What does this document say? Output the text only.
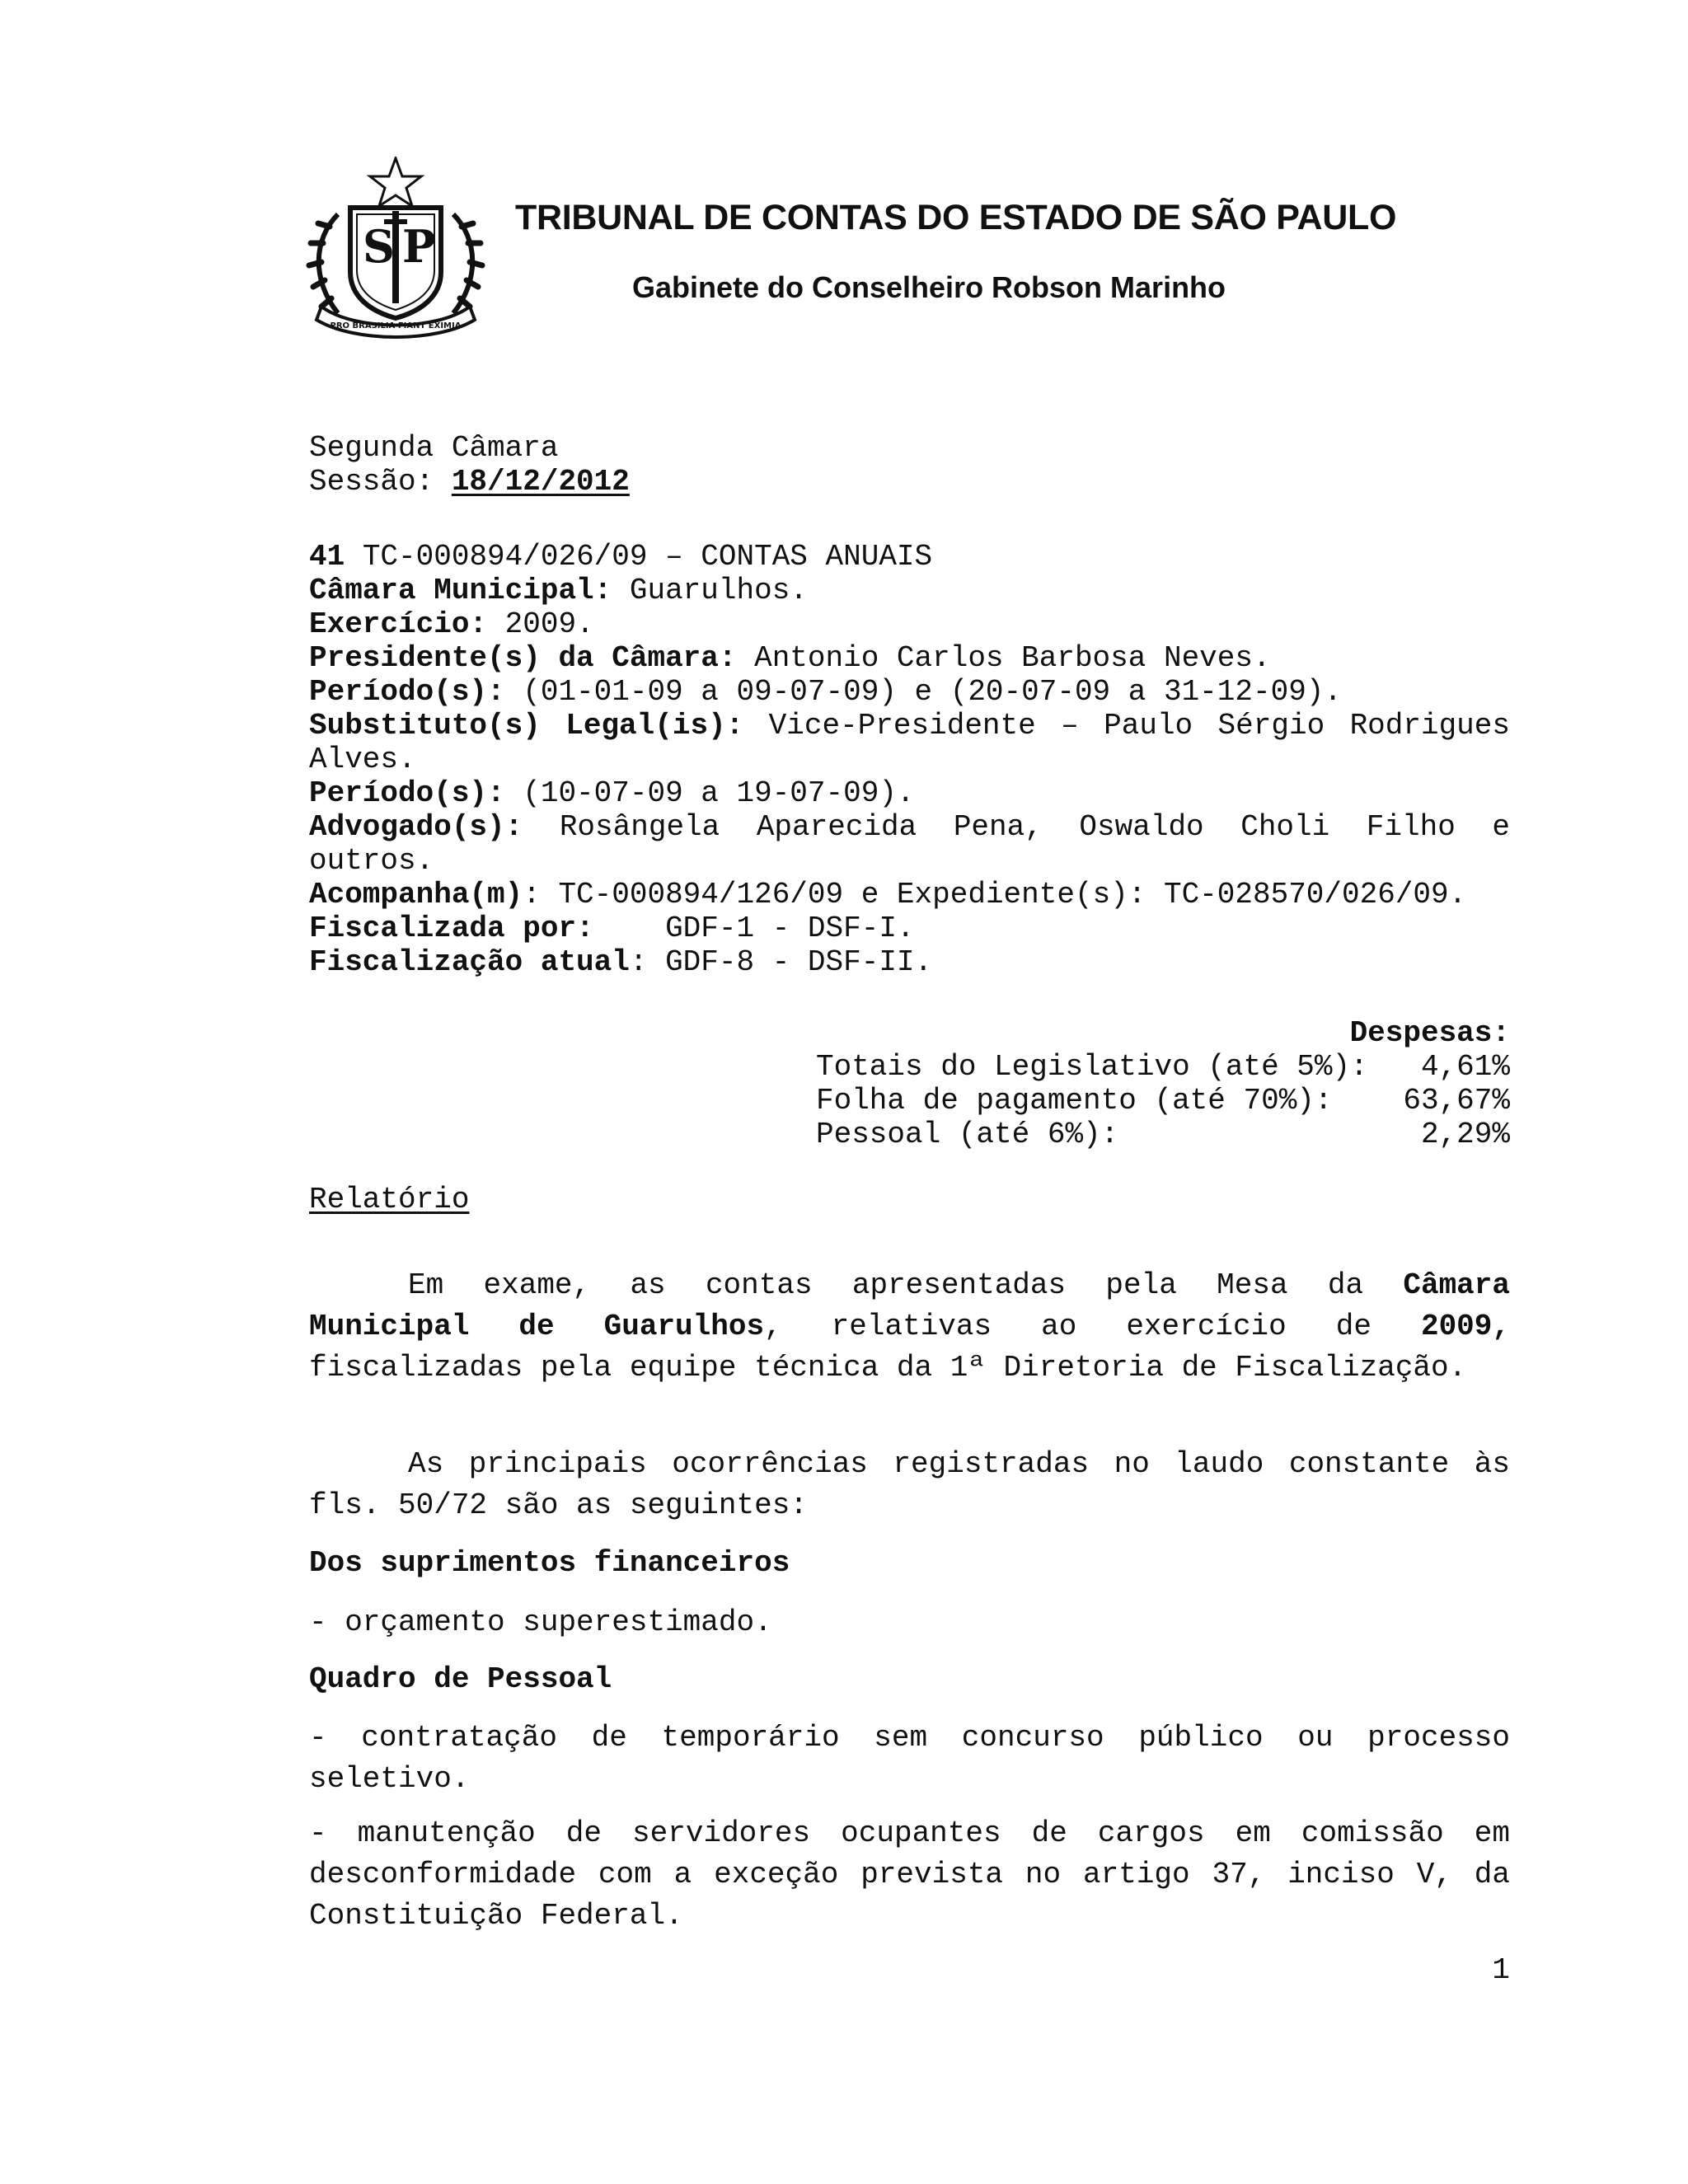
S P
PRO BRASILIA FIANT EXIMIA
TRIBUNAL DE CONTAS DO ESTADO DE SÃO PAULO
Gabinete do Conselheiro Robson Marinho
Segunda Câmara
Sessão: 18/12/2012
41 TC-000894/026/09 – CONTAS ANUAIS
Câmara Municipal: Guarulhos.
Exercício: 2009.
Presidente(s) da Câmara: Antonio Carlos Barbosa Neves.
Período(s): (01-01-09 a 09-07-09) e (20-07-09 a 31-12-09).
Substituto(s) Legal(is): Vice-Presidente – Paulo Sérgio Rodrigues
Alves.
Período(s): (10-07-09 a 19-07-09).
Advogado(s): Rosângela Aparecida Pena, Oswaldo Choli Filho e
outros.
Acompanha(m): TC-000894/126/09 e Expediente(s): TC-028570/026/09.
Fiscalizada por:    GDF-1 - DSF-I.
Fiscalização atual: GDF-8 - DSF-II.
Despesas:
Totais do Legislativo (até 5%): 4,61%
Folha de pagamento (até 70%): 63,67%
Pessoal (até 6%):	2,29%
Relatório
Em exame, as contas apresentadas pela Mesa da Câmara Municipal de Guarulhos, relativas ao exercício de 2009, fiscalizadas pela equipe técnica da 1ª Diretoria de Fiscalização.
As principais ocorrências registradas no laudo constante às fls. 50/72 são as seguintes:
Dos suprimentos financeiros
- orçamento superestimado.
Quadro de Pessoal
- contratação de temporário sem concurso público ou processo seletivo.
- manutenção de servidores ocupantes de cargos em comissão em desconformidade com a exceção prevista no artigo 37, inciso V, da Constituição Federal.
1
